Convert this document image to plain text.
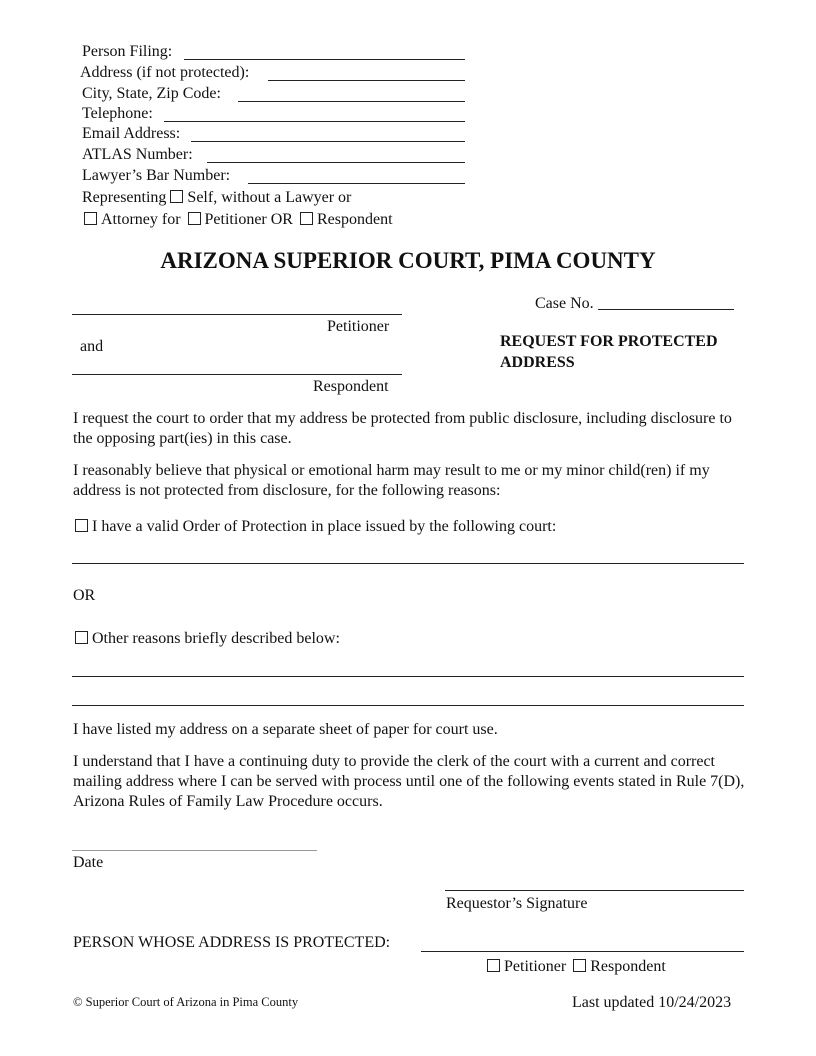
Person Filing:
Address (if not protected):
City, State, Zip Code:
Telephone:
Email Address:
ATLAS Number:
Lawyer’s Bar Number:
Representing Self, without a Lawyer or
Attorney for Petitioner OR Respondent
ARIZONA SUPERIOR COURT, PIMA COUNTY
Petitioner
and
Respondent
Case No.
REQUEST FOR PROTECTED
ADDRESS
I request the court to order that my address be protected from public disclosure, including disclosure to the opposing part(ies) in this case.
I reasonably believe that physical or emotional harm may result to me or my minor child(ren) if my address is not protected from disclosure, for the following reasons:
I have a valid Order of Protection in place issued by the following court:
OR
Other reasons briefly described below:
I have listed my address on a separate sheet of paper for court use.
I understand that I have a continuing duty to provide the clerk of the court with a current and correct mailing address where I can be served with process until one of the following events stated in Rule 7(D), Arizona Rules of Family Law Procedure occurs.
Date
Requestor’s Signature
PERSON WHOSE ADDRESS IS PROTECTED:
Petitioner Respondent
© Superior Court of Arizona in Pima County	Last updated 10/24/2023
